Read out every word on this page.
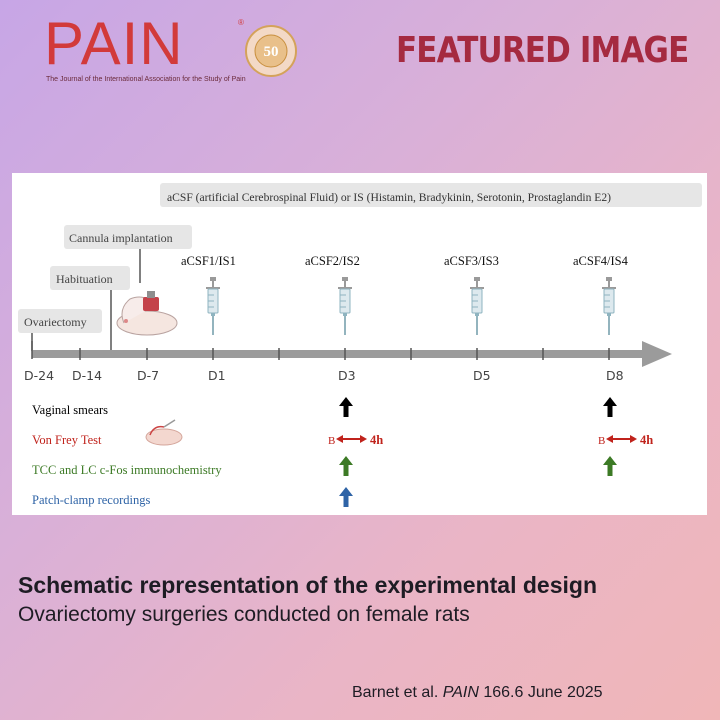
PAIN	®
50
The Journal of the International Association for the Study of Pain
FEATURED IMAGE
aCSF (artificial Cerebrospinal Fluid) or IS (Histamin, Bradykinin, Serotonin, Prostaglandin E2)
Cannula implantation
Habituation
Ovariectomy
D-24 D-14	D-7	D1	D3	D5	D8
aCSF1/IS1	aCSF2/IS2	aCSF3/IS3	aCSF4/IS4
Vaginal smears
Von Frey Test
TCC and LC c-Fos immunochemistry
Patch-clamp recordings
B	4h	B	4h
Schematic representation of the experimental design
Ovariectomy surgeries conducted on female rats
Barnet et al. PAIN 166.6 June 2025
